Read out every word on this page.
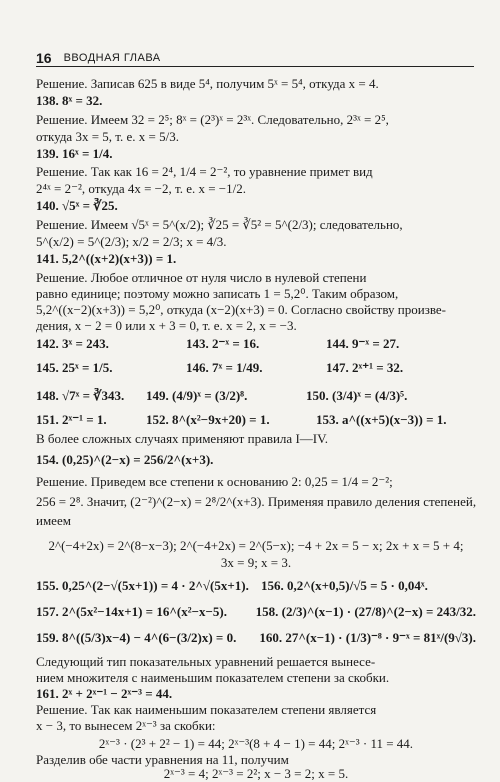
16 ВВОДНАЯ ГЛАВА
Решение. Записав 625 в виде 5⁴, получим 5ˣ = 5⁴, откуда x = 4.
138. 8ˣ = 32.
Решение. Имеем 32 = 2⁵; 8ˣ = (2³)ˣ = 2³ˣ. Следовательно, 2³ˣ = 2⁵,
откуда 3x = 5, т. е. x = 5/3.
139. 16ˣ = 1/4.
Решение. Так как 16 = 2⁴, 1/4 = 2⁻², то уравнение примет вид
2⁴ˣ = 2⁻², откуда 4x = −2, т. е. x = −1/2.
140. √5ˣ = ∛25.
Решение. Имеем √5ˣ = 5^(x/2); ∛25 = ∛5² = 5^(2/3); следовательно,
5^(x/2) = 5^(2/3); x/2 = 2/3; x = 4/3.
141. 5,2^((x+2)(x+3)) = 1.
Решение. Любое отличное от нуля число в нулевой степени
равно единице; поэтому можно записать 1 = 5,2⁰. Таким образом,
5,2^((x−2)(x+3)) = 5,2⁰, откуда (x−2)(x+3) = 0. Согласно свойству произве-
дения, x − 2 = 0 или x + 3 = 0, т. е. x = 2, x = −3.
142. 3ˣ = 243.	143. 2⁻ˣ = 16.	144. 9⁻ˣ = 27.
145. 25ˣ = 1/5.	146. 7ˣ = 1/49.	147. 2ˣ⁺¹ = 32.
148. √7ˣ = ∛343.	149. (4/9)ˣ = (3/2)⁸.	150. (3/4)ˣ = (4/3)⁵.
151. 2ˣ⁻¹ = 1.	152. 8^(x²−9x+20) = 1.	153. a^((x+5)(x−3)) = 1.
В более сложных случаях применяют правила I—IV.
154. (0,25)^(2−x) = 256/2^(x+3).
Решение. Приведем все степени к основанию 2: 0,25 = 1/4 = 2⁻²;
256 = 2⁸. Значит, (2⁻²)^(2−x) = 2⁸/2^(x+3). Применяя правило деления степеней,
имеем
2^(−4+2x) = 2^(8−x−3); 2^(−4+2x) = 2^(5−x); −4 + 2x = 5 − x; 2x + x = 5 + 4;
3x = 9; x = 3.
155. 0,25^(2−√(5x+1)) = 4 · 2^√(5x+1). 156. 0,2^(x+0,5)/√5 = 5 · 0,04ˣ.
157. 2^(5x²−14x+1) = 16^(x²−x−5).	158. (2/3)^(x−1) · (27/8)^(2−x) = 243/32.
159. 8^((5/3)x−4) − 4^(6−(3/2)x) = 0.	160. 27^(x−1) · (1/3)⁻⁸ · 9⁻ˣ = 81ˣ/(9√3).
Следующий тип показательных уравнений решается вынесе-
нием множителя с наименьшим показателем степени за скобки.
161. 2ˣ + 2ˣ⁻¹ − 2ˣ⁻³ = 44.
Решение. Так как наименьшим показателем степени является
x − 3, то вынесем 2ˣ⁻³ за скобки:
2ˣ⁻³ · (2³ + 2² − 1) = 44; 2ˣ⁻³(8 + 4 − 1) = 44; 2ˣ⁻³ · 11 = 44.
Разделив обе части уравнения на 11, получим
2ˣ⁻³ = 4; 2ˣ⁻³ = 2²; x − 3 = 2; x = 5.
